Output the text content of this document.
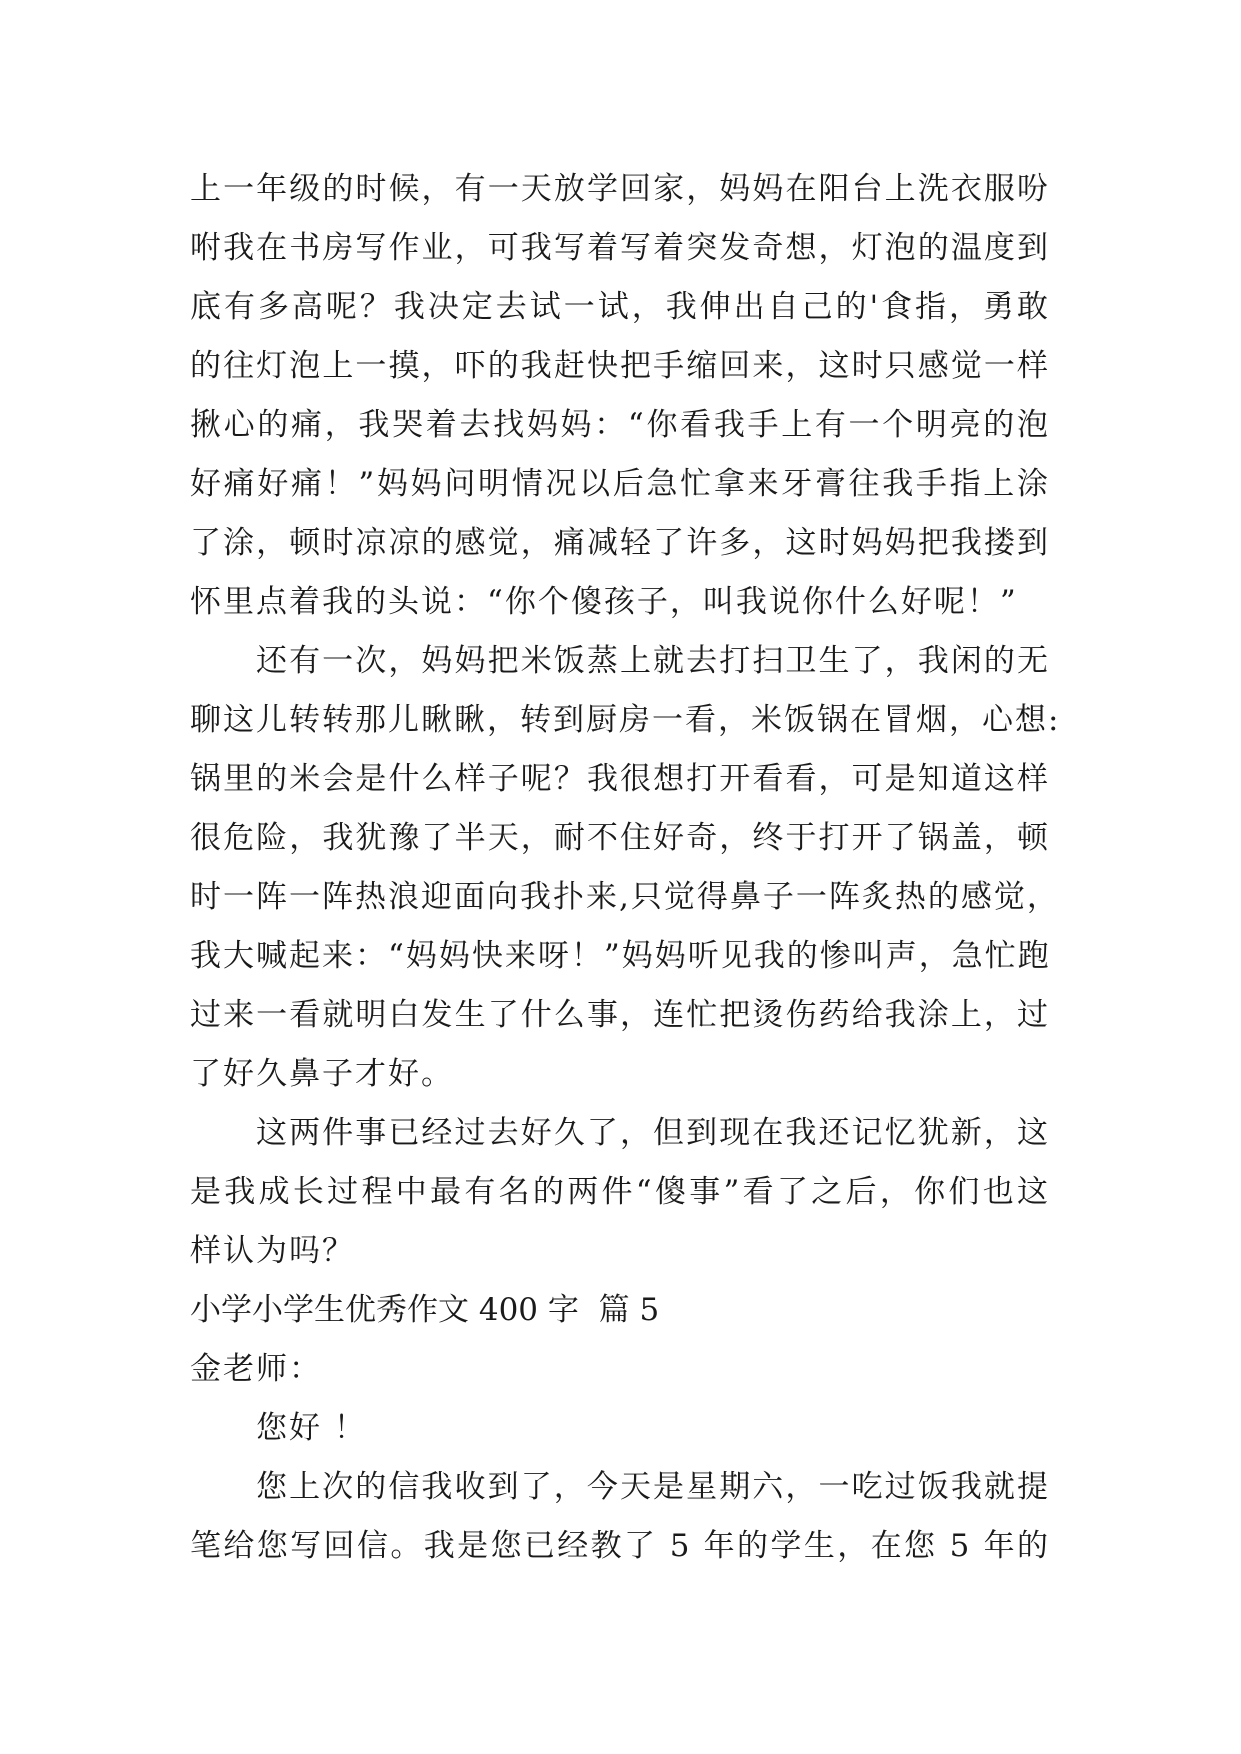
上一年级的时候，有一天放学回家，妈妈在阳台上洗衣服吩
咐我在书房写作业，可我写着写着突发奇想，灯泡的温度到
底有多高呢？我决定去试一试，我伸出自己的'食指，勇敢
的往灯泡上一摸，吓的我赶快把手缩回来，这时只感觉一样
揪心的痛，我哭着去找妈妈：“你看我手上有一个明亮的泡
好痛好痛！”妈妈问明情况以后急忙拿来牙膏往我手指上涂
了涂，顿时凉凉的感觉，痛减轻了许多，这时妈妈把我搂到
怀里点着我的头说：“你个傻孩子，叫我说你什么好呢！”
还有一次，妈妈把米饭蒸上就去打扫卫生了，我闲的无
聊这儿转转那儿瞅瞅，转到厨房一看，米饭锅在冒烟，心想:
锅里的米会是什么样子呢？我很想打开看看，可是知道这样
很危险，我犹豫了半天，耐不住好奇，终于打开了锅盖，顿
时一阵一阵热浪迎面向我扑来,只觉得鼻子一阵炙热的感觉，
我大喊起来：“妈妈快来呀！”妈妈听见我的惨叫声，急忙跑
过来一看就明白发生了什么事，连忙把烫伤药给我涂上，过
了好久鼻子才好。
这两件事已经过去好久了，但到现在我还记忆犹新，这
是我成长过程中最有名的两件“傻事”看了之后，你们也这
样认为吗？
小学小学生优秀作文 400 字  篇 5
金老师：
您好 ！
您上次的信我收到了，今天是星期六，一吃过饭我就提
笔给您写回信。我是您已经教了 5 年的学生，在您 5 年的
